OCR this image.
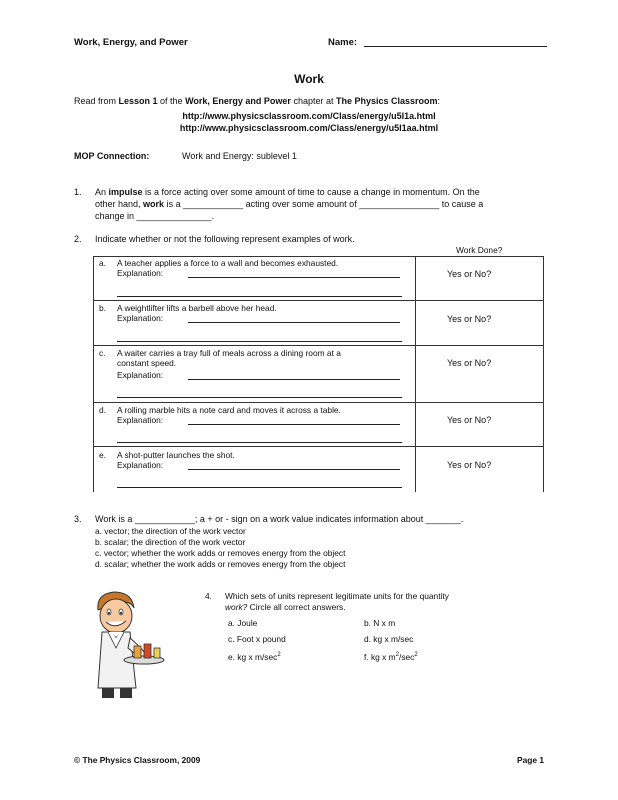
Work, Energy, and Power	Name:
Work
Read from Lesson 1 of the Work, Energy and Power chapter at The Physics Classroom:
http://www.physicsclassroom.com/Class/energy/u5l1a.html
http://www.physicsclassroom.com/Class/energy/u5l1aa.html
MOP Connection:	Work and Energy: sublevel 1
1. An impulse is a force acting over some amount of time to cause a change in momentum. On the
other hand, work is a ____________ acting over some amount of ________________ to cause a
change in _______________.
2. Indicate whether or not the following represent examples of work.
Work Done?
a. A teacher applies a force to a wall and becomes exhausted.
Explanation:	Yes or No?
b. A weightlifter lifts a barbell above her head.
Explanation:	Yes or No?
c. A waiter carries a tray full of meals across a dining room at a
constant speed.
Explanation:
Yes or No?
d. A rolling marble hits a note card and moves it across a table.
Explanation:	Yes or No?
e. A shot-putter launches the shot.
Explanation:	Yes or No?
3. Work is a ____________; a + or - sign on a work value indicates information about _______.
a. vector; the direction of the work vector
b. scalar; the direction of the work vector
c. vector; whether the work adds or removes energy from the object
d. scalar; whether the work adds or removes energy from the object
4. Which sets of units represent legitimate units for the quantity
work? Circle all correct answers.
a. Joule	b. N x m
c. Foot x pound	d. kg x m/sec
e. kg x $m/\sec^2$	f. kg x $m^2/\sec^2$
© The Physics Classroom, 2009	Page 1
